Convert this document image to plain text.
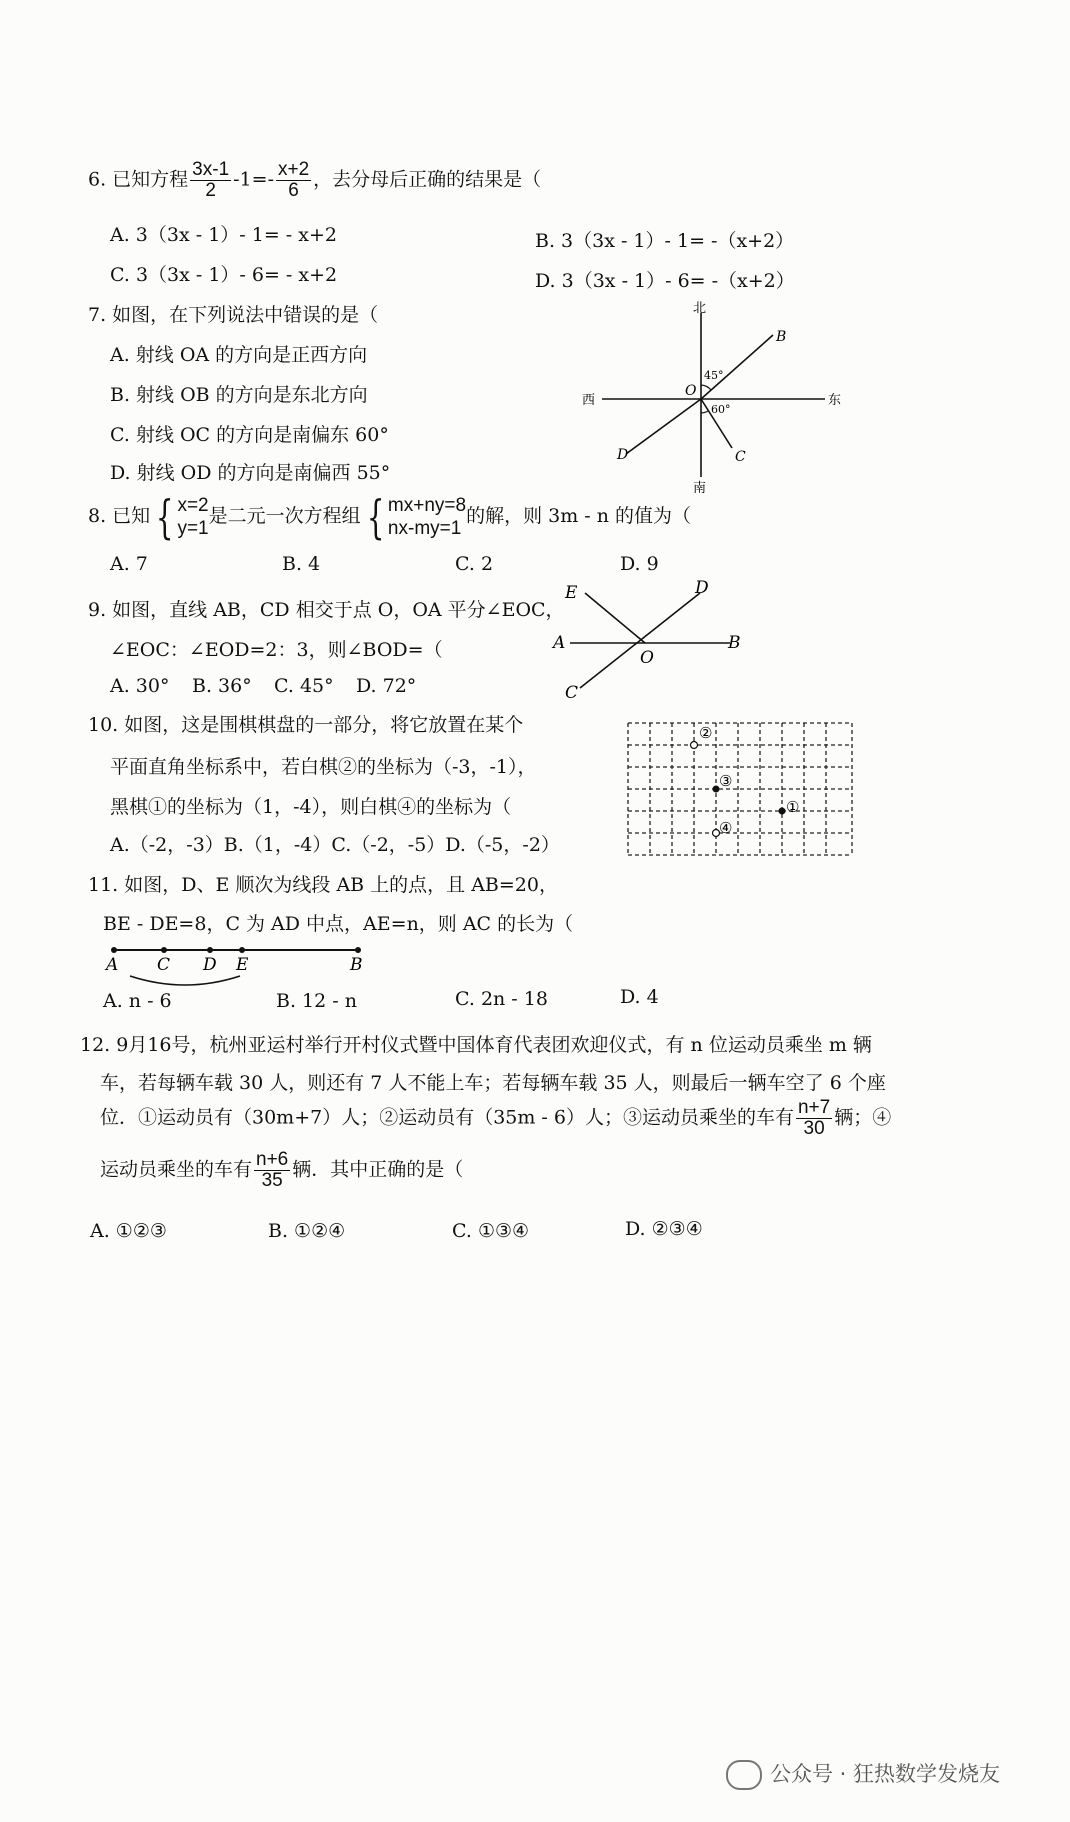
6. 已知方程 $\frac{3x-1}{2} -1=- \frac{x+2}{6}$ ，去分母后正确的结果是（
A. 3（3x - 1）- 1= - x+2	B. 3（3x - 1）- 1= -（x+2）
C. 3（3x - 1）- 6= - x+2	D. 3（3x - 1）- 6= -（x+2）
7. 如图，在下列说法中错误的是（
A. 射线 OA 的方向是正西方向
B. 射线 OB 的方向是东北方向
C. 射线 OC 的方向是南偏东 60°
D. 射线 OD 的方向是南偏西 55°
北
南
西	东
O
B
C
D
45°
60°
8. 已知 { x=2
y=1是二元一次方程组 { mx+ny=8
nx-my=1的解，则 3m - n 的值为（
A. 7	B. 4	C. 2	D. 9
9. 如图，直线 AB，CD 相交于点 O，OA 平分∠EOC，
∠EOC：∠EOD=2：3，则∠BOD=（
A. 30° B. 36° C. 45° D. 72°
E	D
A
O
B
C
10. 如图，这是围棋棋盘的一部分，将它放置在某个
平面直角坐标系中，若白棋②的坐标为（-3，-1），
黑棋①的坐标为（1，-4），则白棋④的坐标为（
A.（-2，-3）B.（1，-4）C.（-2，-5）D.（-5，-2）
②
③
①
④
11. 如图，D、E 顺次为线段 AB 上的点，且 AB=20，
BE - DE=8，C 为 AD 中点，AE=n，则 AC 的长为（
A C D E	B
A. n - 6	B. 12 - n	C. 2n - 18	D. 4
12. 9月16号，杭州亚运村举行开村仪式暨中国体育代表团欢迎仪式，有 n 位运动员乘坐 m 辆
车，若每辆车载 30 人，则还有 7 人不能上车；若每辆车载 35 人，则最后一辆车空了 6 个座
位．①运动员有（30m+7）人；②运动员有（35m - 6）人；③运动员乘坐的车有 $\frac{n+7}{30}$ 辆；④
运动员乘坐的车有 $\frac{n+6}{35}$ 辆．其中正确的是（
A. ①②③	B. ①②④	C. ①③④	D. ②③④
公众号 · 狂热数学发烧友
